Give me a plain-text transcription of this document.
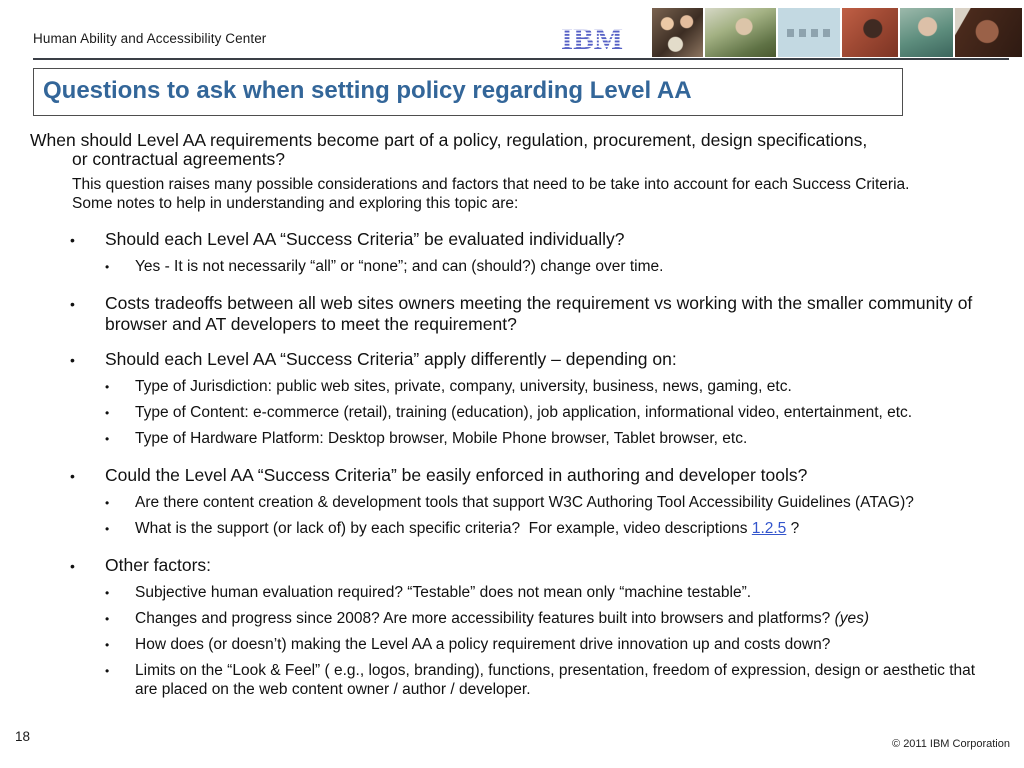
Human Ability and Accessibility Center	IBM
Questions to ask when setting policy regarding Level AA
When should Level AA requirements become part of a policy, regulation, procurement, design specifications,
or contractual agreements?
This question raises many possible considerations and factors that need to be take into account for each Success Criteria.
Some notes to help in understanding and exploring this topic are:
• Should each Level AA “Success Criteria” be evaluated individually?
• Yes - It is not necessarily “all” or “none”; and can (should?) change over time.
• Costs tradeoffs between all web sites owners meeting the requirement vs working with the smaller community of browser and AT developers to meet the requirement?
• Should each Level AA “Success Criteria” apply differently – depending on:
• Type of Jurisdiction: public web sites, private, company, university, business, news, gaming, etc.
• Type of Content: e-commerce (retail), training (education), job application, informational video, entertainment, etc.
• Type of Hardware Platform: Desktop browser, Mobile Phone browser, Tablet browser, etc.
• Could the Level AA “Success Criteria” be easily enforced in authoring and developer tools?
• Are there content creation & development tools that support W3C Authoring Tool Accessibility Guidelines (ATAG)?
• What is the support (or lack of) by each specific criteria?  For example, video descriptions 1.2.5 ?
• Other factors:
• Subjective human evaluation required? “Testable” does not mean only “machine testable”.
• Changes and progress since 2008? Are more accessibility features built into browsers and platforms? (yes)
• How does (or doesn’t) making the Level AA a policy requirement drive innovation up and costs down?
• Limits on the “Look & Feel” ( e.g., logos, branding), functions, presentation, freedom of expression, design or aesthetic that are placed on the web content owner / author / developer.
18	© 2011 IBM Corporation
